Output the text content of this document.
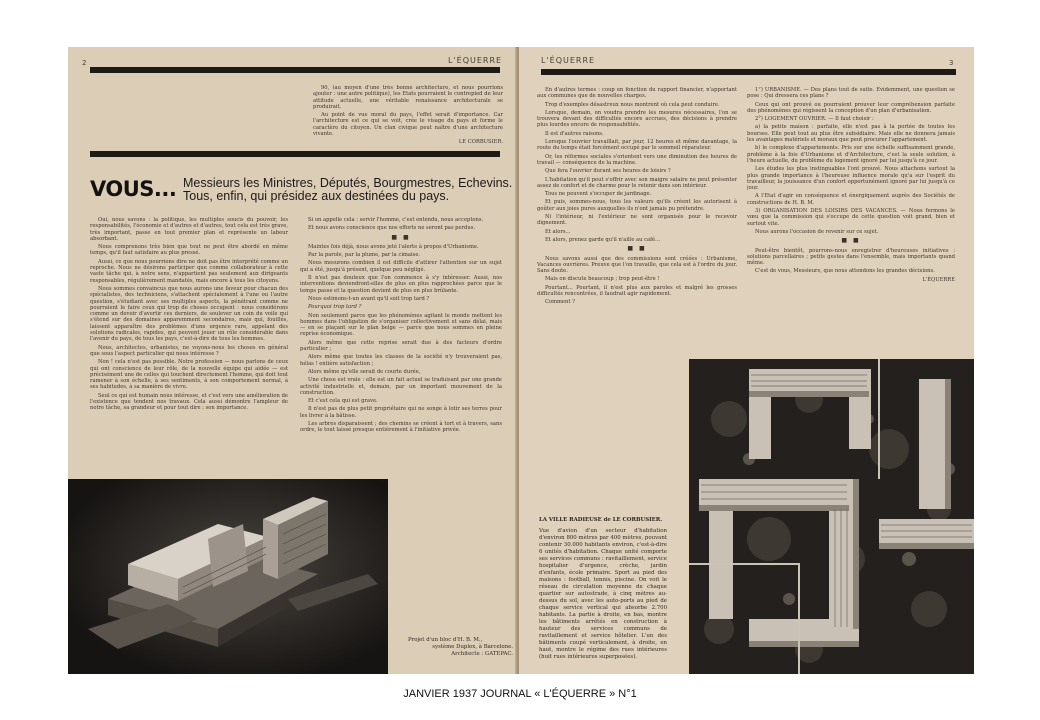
2	L'ÉQUERRE

90, (au moyen d'une très bonne architecture, et nous pourrions ajouter : une autre politique), les Etats pourraient le contrepied de leur attitude actuelle, une véritable renaissance architecturale se produirait.

Au point de vue moral du pays, l'effet serait d'importance. Car l'architecture est ce qui se voit, crée le visage du pays et forme le caractère du citoyen. Un clan civique peut naître d'une architecture vivante.

LE CORBUSIER.

VOUS... Messieurs les Ministres, Députés, Bourgmestres, Echevins.
Tous, enfin, qui présidez aux destinées du pays.

Oui, nous savons : la politique, les multiples soucis du pouvoir, les responsabilités, l'économie et d'autres et d'autres, tout cela est très grave, très important, passe en tout premier plan et représente un labeur absorbant.

Nous comprenons très bien que tout ne peut être abordé en même temps, qu'il faut satisfaire au plus pressé.

Aussi, ce que nous pourrions dire ne doit pas être interprété comme un reproche. Nous ne désirons participer que comme collaborateur à cette vaste tâche qui, à notre sens, n'appartient pas seulement aux dirigeants responsables, régulièrement mandatés, mais encore à tous les citoyens.

Nous sommes convaincus que nous aurons une faveur pour chacun des spécialistes, des techniciens, s'attachent spécialement à l'une ou l'autre question, s'étudiant avec ses multiples aspects, la pénétrant comme ne pourraient le faire ceux qui trop de choses occupent : nous considérons comme un devoir d'avertir ces derniers, de soulever un coin du voile qui s'étend sur des domaines apparemment secondaires, mais qui, fouillés, laissent apparaître des problèmes d'une urgence rare, appelant des solutions radicales, rapides, qui peuvent jouer un rôle considérable dans l'avenir du pays, de tous les pays, c'est-à-dire de tous les hommes.

Nous, architectes, urbanistes, ne voyons-nous les choses en général que sous l'aspect particulier qui nous intéresse ?

Non ! cela n'est pas possible. Notre profession — nous parlons de ceux qui ont conscience de leur rôle, de la nouvelle équipe qui aidée — est précisément une de celles qui touchent directement l'homme, qui doit tout ramener à son échelle, à ses sentiments, à son comportement normal, à ses habitudes, à sa manière de vivre.

Seul ce qui est humain nous intéresse, et c'est vers une amélioration de l'existence que tendent nos travaux. Cela aussi démontre l'ampleur de notre tâche, sa grandeur et pour tout dire : son importance.

Si on appelle cela : servir l'homme, c'est entendu, nous acceptons.

Et nous avons conscience que nos efforts ne seront pas perdus.

■ ■

Maintes fois déjà, nous avons jeté l'alerte à propos d'Urbanisme.

Par la parole, par la plume, par la cimaise.

Nous mesurons combien il est difficile d'attirer l'attention sur un sujet qui a été, jusqu'à présent, quelque peu négligé.

Il n'est pas douteux que l'on commence à s'y intéresser. Aussi, nos interventions deviendront-elles de plus en plus rapprochées parce que le temps passe et la question devient de plus en plus brûlante.

Nous estimons-t-un avant qu'il soit trop tard ?

Pourquoi trop tard ?

Non seulement parce que les phénomènes agitant le monde mettent les hommes dans l'obligation de s'organiser collectivement et sans délai, mais — en se plaçant sur le plan belge — parce que nous sommes en pleine reprise économique.

Alors même que cette reprise serait due à des facteurs d'ordre particulier ;

Alors même que toutes les classes de la société n'y trouveraient pas, hélas ! entière satisfaction ;

Alors même qu'elle serait de courte durée,

Une chose est vraie : elle est un fait actuel se traduisant par une grande activité industrielle et, demain, par un important mouvement de la construction.

Et c'est cela qui est grave.

Il n'est pas de plus petit propriétaire qui ne songe à lotir ses terres pour les livrer à la bâtisse.

Les arbres disparaissent ; des chemins se créent à tort et à travers, sans ordre, le tout laissé presque entièrement à l'initiative privée.

Projet d'un bloc d'H. B. M.,
système Duplex, à Barcelone.
Architecte : GATEPAC.
L'ÉQUERRE	3

En d'autres termes : coup en fonction du rapport financier, n'apportant aux communes que de nouvelles charges.

Trop d'exemples désastreux nous montrent où cela peut conduire.

Lorsque, demain, on voudra prendre les mesures nécessaires, l'on se trouvera devant des difficultés encore accrues, des décisions à prendre plus lourdes encore de responsabilités.

Il est d'autres raisons.

Lorsque l'ouvrier travaillait, par jour, 12 heures et même davantage, la route du temps était forcément occupé par le sommeil réparateur.

Or, les réformes sociales s'orientent vers une diminution des heures de travail — conséquence de la machine.

Que fera l'ouvrier durant ses heures de loisirs ?

L'habitation qu'il peut s'offrir avec son maigre salaire ne peut présenter assez de confort et de charme pour le retenir dans son intérieur.

Tous ne peuvent s'occuper de jardinage.

Et puis, sommes-nous, tous les valeurs qu'ils créent les autorisent à goûter aux joies pures auxquelles ils n'ont jamais pu prétendre.

Ni l'intérieur, ni l'extérieur ne sont organisés pour le recevoir dignement.

Et alors...

Et alors, prenez garde qu'il n'aille au café...

■ ■

Nous savons aussi que des commissions sont créées : Urbanisme, Vacances ouvrières. Preuve que l'on travaille, que cela est à l'ordre du jour. Sans doute.

Mais on discute beaucoup ; trop peut-être !

Pourtant... Pourtant, il n'est plus aux paroles et malgré les grosses difficultés rencontrées, il faudrait agir rapidement.

Comment ?

1°) URBANISME. — Des plans tout de suite. Evidemment, une question se pose : Qui dressera ces plans ?

Ceux qui ont prouvé ou pourraient prouver leur compréhension parfaite des phénomènes qui régissent la conception d'un plan d'urbanisation.

2°) LOGEMENT OUVRIER. — Il faut choisir :

a) la petite maison : parfaite, elle n'est pas à la portée de toutes les bourses. Elle peut tout au plus être subsidiaire. Mais elle ne donnera jamais les avantages matériels et moraux que peut procurer l'appartement.

b) le complexe d'appartements. Pris sur une échelle suffisamment grande, problème à la fois d'Urbanisme et d'Architecture, c'est la seule solution, à l'heure actuelle, du problème du logement ignoré par lui jusqu'à ce jour.

Les études les plus instinguables l'ont prouvé. Nous attachons surtout la plus grande importance à l'heureuse influence morale qu'a sur l'esprit du travailleur, la jouissance d'un confort opportunément ignoré par lui jusqu'à ce jour.

A l'Etat d'agir en conséquence et énergiquement auprès des Sociétés de constructions de H. B. M.

3) ORGANISATION DES LOISIRS DES VACANCES. — Nous fermons le vœu que la commission qui s'occupe de cette question voit grand, bien et surtout vite.

Nous aurons l'occasion de revenir sur ce sujet.

■ ■

Peut-être bientôt, pourrons-nous enregistrer d'heureuses initiatives : solutions parcellaires ; petits gestes dans l'ensemble, mais importants quand même.

C'est de vous, Messieurs, que nous attendons les grandes décisions.

L'ÉQUERRE

LA VILLE RADIEUSE de LE CORBUSIER.
Vue d'avion d'un secteur d'habitation d'environ 800 mètres par 400 mètres, pouvant contenir 30.000 habitants environ, c'est-à-dire 6 unités d'habitation. Chaque unité comporte ses services communs : ravitaillement, service hospitalier d'urgence, crèche, jardin d'enfants, école primaire. Sport au pied des maisons : football, tennis, piscine. On voit le réseau de circulation moyenne de chaque quartier sur autostrade, à cinq mètres au-dessus du sol, avec les auto-ports au pied de chaque service vertical qui absorbe 2.700 habitants. La partie à droite, en bas, montre les bâtiments arrêtés en construction à hauteur des services communs de ravitaillement et service hôtelier. L'un des bâtiments coupé verticalement, à droite, en haut, montre le régime des rues intérieures (huit rues intérieures superposées).
JANVIER 1937 JOURNAL « L'ÉQUERRE » N°1
